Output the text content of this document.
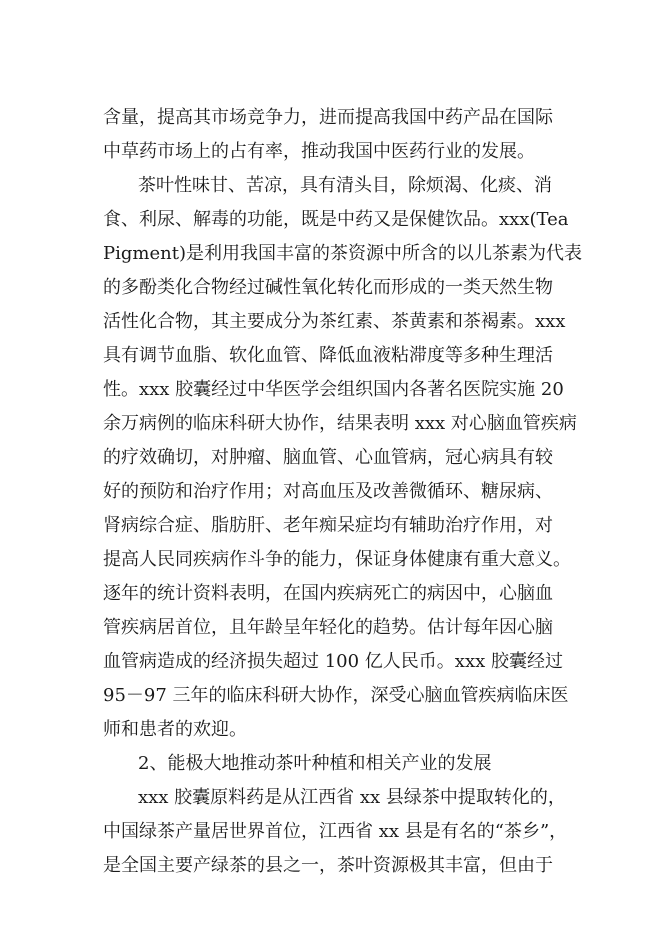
含量，提高其市场竞争力，进而提高我国中药产品在国际

中草药市场上的占有率，推动我国中医药行业的发展。

茶叶性味甘、苦凉，具有清头目，除烦渴、化痰、消

食、利尿、解毒的功能，既是中药又是保健饮品。xxx(Tea

Pigment)是利用我国丰富的茶资源中所含的以儿茶素为代表

的多酚类化合物经过碱性氧化转化而形成的一类天然生物

活性化合物，其主要成分为茶红素、茶黄素和茶褐素。xxx

具有调节血脂、软化血管、降低血液粘滞度等多种生理活

性。xxx 胶囊经过中华医学会组织国内各著名医院实施 20

余万病例的临床科研大协作，结果表明 xxx 对心脑血管疾病

的疗效确切，对肿瘤、脑血管、心血管病，冠心病具有较

好的预防和治疗作用；对高血压及改善微循环、糖尿病、

肾病综合症、脂肪肝、老年痴呆症均有辅助治疗作用，对

提高人民同疾病作斗争的能力，保证身体健康有重大意义。

逐年的统计资料表明，在国内疾病死亡的病因中，心脑血

管疾病居首位，且年龄呈年轻化的趋势。估计每年因心脑

血管病造成的经济损失超过 100 亿人民币。xxx 胶囊经过

95－97 三年的临床科研大协作，深受心脑血管疾病临床医

师和患者的欢迎。

2、能极大地推动茶叶种植和相关产业的发展

xxx 胶囊原料药是从江西省 xx 县绿茶中提取转化的，

中国绿茶产量居世界首位，江西省 xx 县是有名的“茶乡”，

是全国主要产绿茶的县之一，茶叶资源极其丰富，但由于
